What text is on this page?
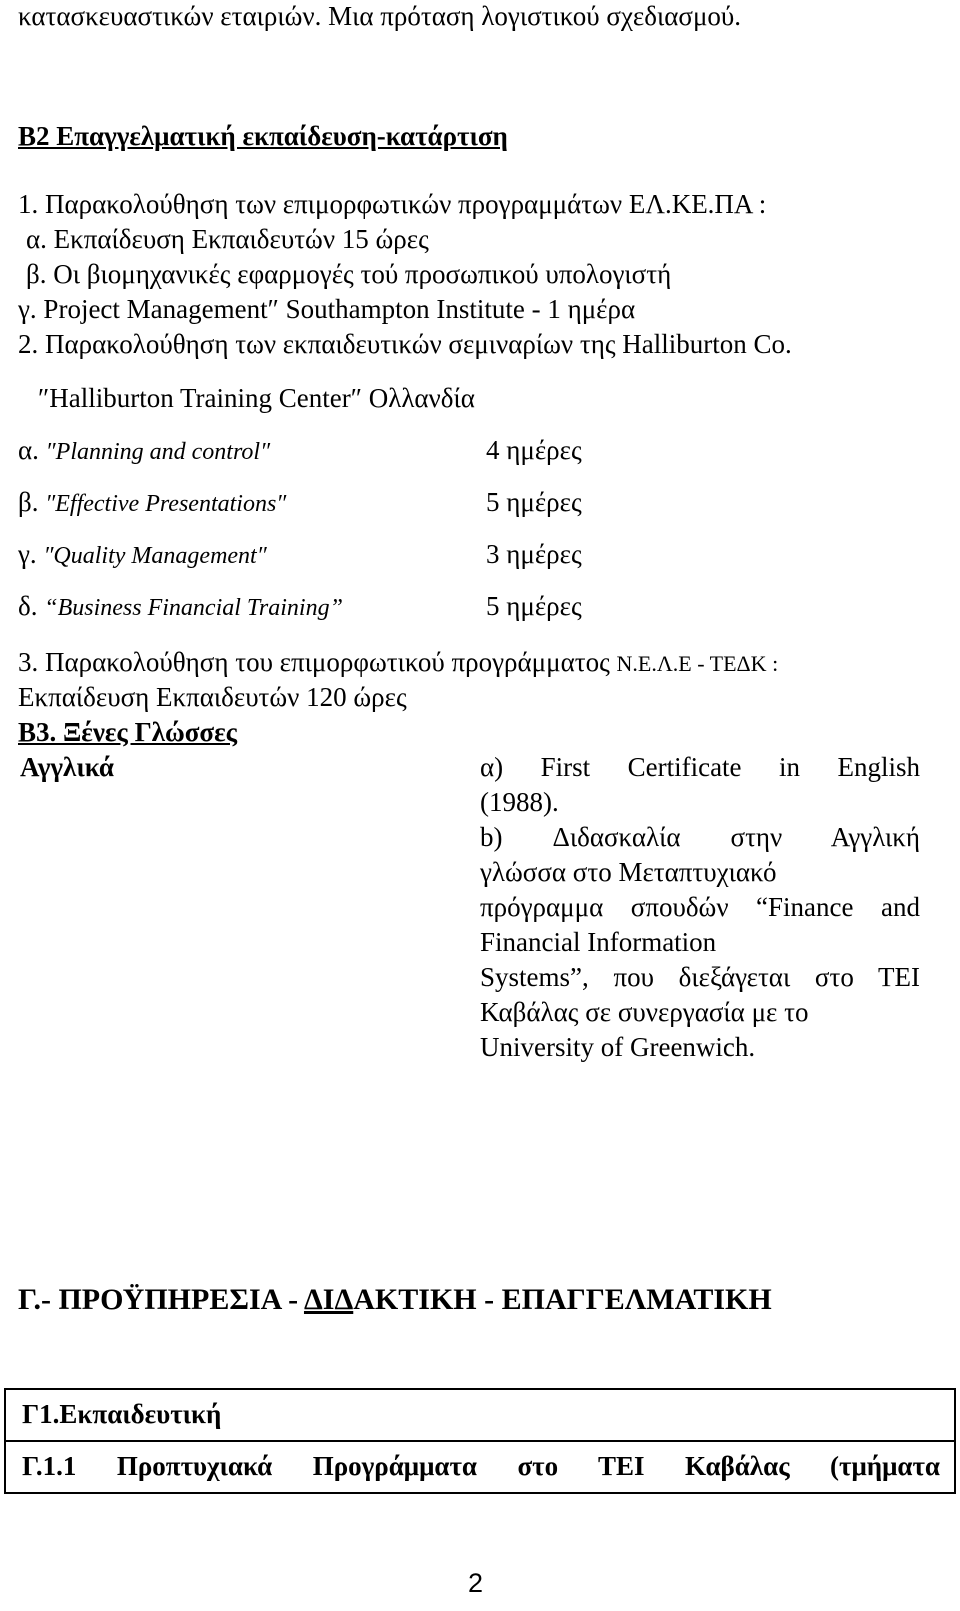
κατασκευαστικών εταιριών. Μια πρόταση λογιστικού σχεδιασμού.
Β2 Επαγγελματική εκπαίδευση-κατάρτιση
1. Παρακολούθηση των επιμορφωτικών προγραμμάτων ΕΛ.ΚΕ.ΠΑ :
α. Εκπαίδευση Εκπαιδευτών 15 ώρες
β. Οι βιομηχανικές εφαρμογές τού προσωπικού υπολογιστή
γ. Project Management″ Southampton Institute - 1 ημέρα
2. Παρακολούθηση των εκπαιδευτικών σεμιναρίων της Halliburton Co.
″Halliburton Training Center″ Ολλανδία
α. ″Planning and control″	4 ημέρες
β. ″Effective Presentations″	5 ημέρες
γ. ″Quality Management″	3 ημέρες
δ. “Business Financial Training”	5 ημέρες
3. Παρακολούθηση του επιμορφωτικού προγράμματος Ν.Ε.Λ.Ε - ΤΕΔΚ :
Εκπαίδευση Εκπαιδευτών 120 ώρες
Β3. Ξένες Γλώσσες
Αγγλικά	α) First Certificate in English
(1988).
b) Διδασκαλία στην Αγγλική
γλώσσα στο Μεταπτυχιακό
πρόγραμμα σπουδών “Finance and
Financial Information
Systems”, που διεξάγεται στο ΤΕΙ
Καβάλας σε συνεργασία με το
University of Greenwich.
Γ.- ΠΡΟΫΠΗΡΕΣΙΑ - ΔΙΔΑΚΤΙΚΗ - ΕΠΑΓΓΕΛΜΑΤΙΚΗ
Γ1.Εκπαιδευτική
Γ.1.1 Προπτυχιακά Προγράμματα στο ΤΕΙ Καβάλας (τμήματα
2
